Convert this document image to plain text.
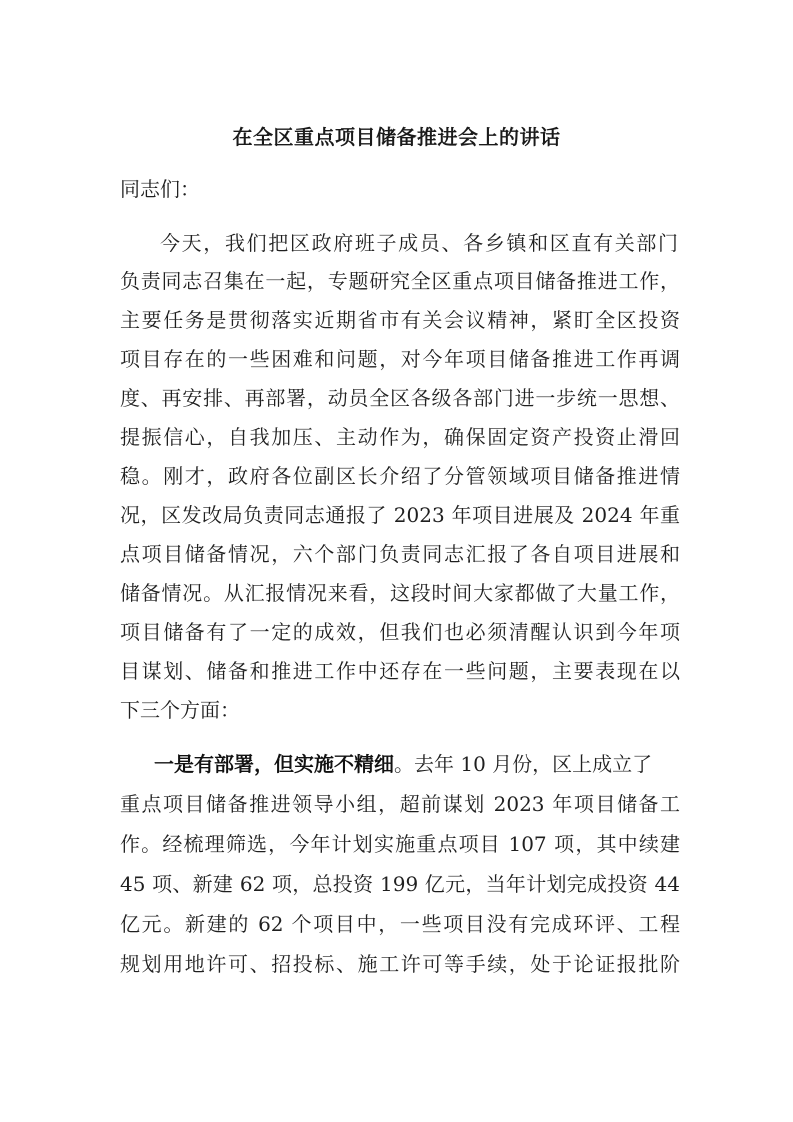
在全区重点项目储备推进会上的讲话
同志们：
今天，我们把区政府班子成员、各乡镇和区直有关部门
负责同志召集在一起，专题研究全区重点项目储备推进工作，
主要任务是贯彻落实近期省市有关会议精神，紧盯全区投资
项目存在的一些困难和问题，对今年项目储备推进工作再调
度、再安排、再部署，动员全区各级各部门进一步统一思想、
提振信心，自我加压、主动作为，确保固定资产投资止滑回
稳。刚才，政府各位副区长介绍了分管领域项目储备推进情
况，区发改局负责同志通报了 2023 年项目进展及 2024 年重
点项目储备情况，六个部门负责同志汇报了各自项目进展和
储备情况。从汇报情况来看，这段时间大家都做了大量工作，
项目储备有了一定的成效，但我们也必须清醒认识到今年项
目谋划、储备和推进工作中还存在一些问题，主要表现在以
下三个方面：
一是有部署，但实施不精细。去年 10 月份，区上成立了
重点项目储备推进领导小组，超前谋划 2023 年项目储备工
作。经梳理筛选，今年计划实施重点项目 107 项，其中续建
45 项、新建 62 项，总投资 199 亿元，当年计划完成投资 44
亿元。新建的 62 个项目中，一些项目没有完成环评、工程
规划用地许可、招投标、施工许可等手续，处于论证报批阶
